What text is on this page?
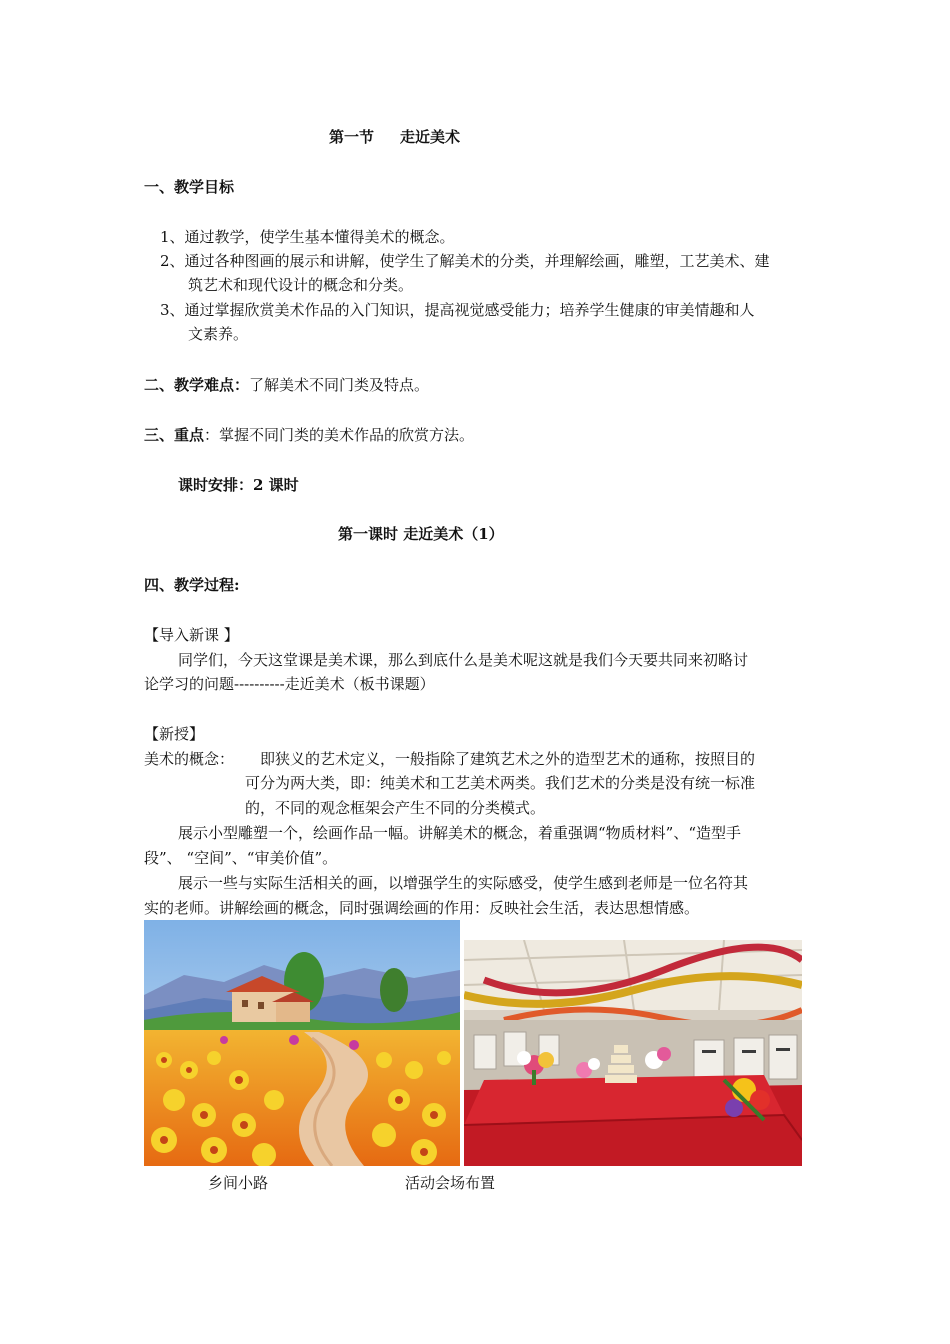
第一节 走近美术
一、教学目标
1、通过教学，使学生基本懂得美术的概念。
2、通过各种图画的展示和讲解，使学生了解美术的分类，并理解绘画，雕塑，工艺美术、建
筑艺术和现代设计的概念和分类。
3、通过掌握欣赏美术作品的入门知识，提高视觉感受能力；培养学生健康的审美情趣和人
文素养。
二、教学难点：了解美术不同门类及特点。
三、重点：掌握不同门类的美术作品的欣赏方法。
课时安排：2 课时
第一课时 走近美术（1）
四、教学过程:
【导入新课 】
同学们，今天这堂课是美术课，那么到底什么是美术呢这就是我们今天要共同来初略讨
论学习的问题----------走近美术（板书课题）
【新授】
美术的概念： 即狭义的艺术定义，一般指除了建筑艺术之外的造型艺术的通称，按照目的
可分为两大类，即：纯美术和工艺美术两类。我们艺术的分类是没有统一标准
的，不同的观念框架会产生不同的分类模式。
展示小型雕塑一个，绘画作品一幅。讲解美术的概念，着重强调“物质材料”、“造型手
段”、 “空间”、“审美价值”。
展示一些与实际生活相关的画，以增强学生的实际感受，使学生感到老师是一位名符其
实的老师。讲解绘画的概念，同时强调绘画的作用：反映社会生活，表达思想情感。
乡间小路	活动会场布置
